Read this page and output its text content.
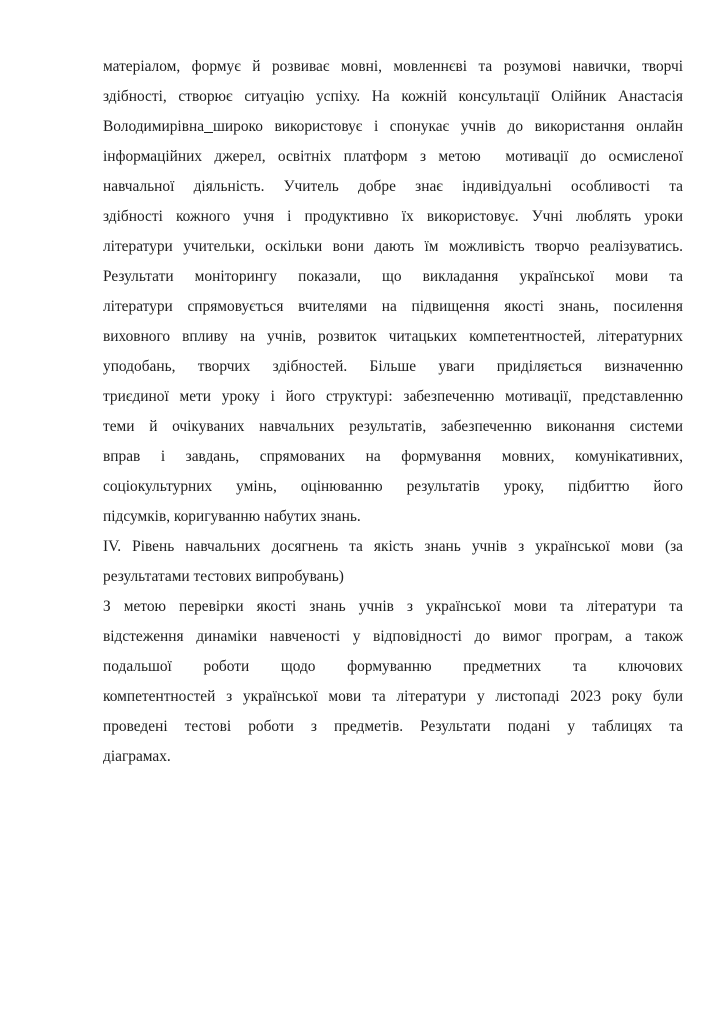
матеріалом, формує й розвиває мовні, мовленнєві та розумові навички, творчі
здібності, створює ситуацію успіху. На кожній консультації Олійник Анастасія
Володимирівна широко використовує і спонукає учнів до використання онлайн
інформаційних джерел, освітніх платформ з метою  мотивації до осмисленої
навчальної діяльність. Учитель добре знає індивідуальні особливості та
здібності кожного учня і продуктивно їх використовує. Учні люблять уроки
літератури учительки, оскільки вони дають їм можливість творчо реалізуватись.
Результати моніторингу показали, що викладання української мови та
літератури спрямовується вчителями на підвищення якості знань, посилення
виховного впливу на учнів, розвиток читацьких компетентностей, літературних
уподобань, творчих здібностей. Більше уваги приділяється визначенню
триєдиної мети уроку і його структурі: забезпеченню мотивації, представленню
теми й очікуваних навчальних результатів, забезпеченню виконання системи
вправ і завдань, спрямованих на формування мовних, комунікативних,
соціокультурних умінь, оцінюванню результатів уроку, підбиттю його
підсумків, коригуванню набутих знань.
IV. Рівень навчальних досягнень та якість знань учнів з української мови (за
результатами тестових випробувань)
З метою перевірки якості знань учнів з української мови та літератури та
відстеження динаміки навченості у відповідності до вимог програм, а також
подальшої роботи щодо формуванню предметних та ключових
компетентностей з української мови та літератури у листопаді 2023 року були
проведені тестові роботи з предметів. Результати подані у таблицях та
діаграмах.
